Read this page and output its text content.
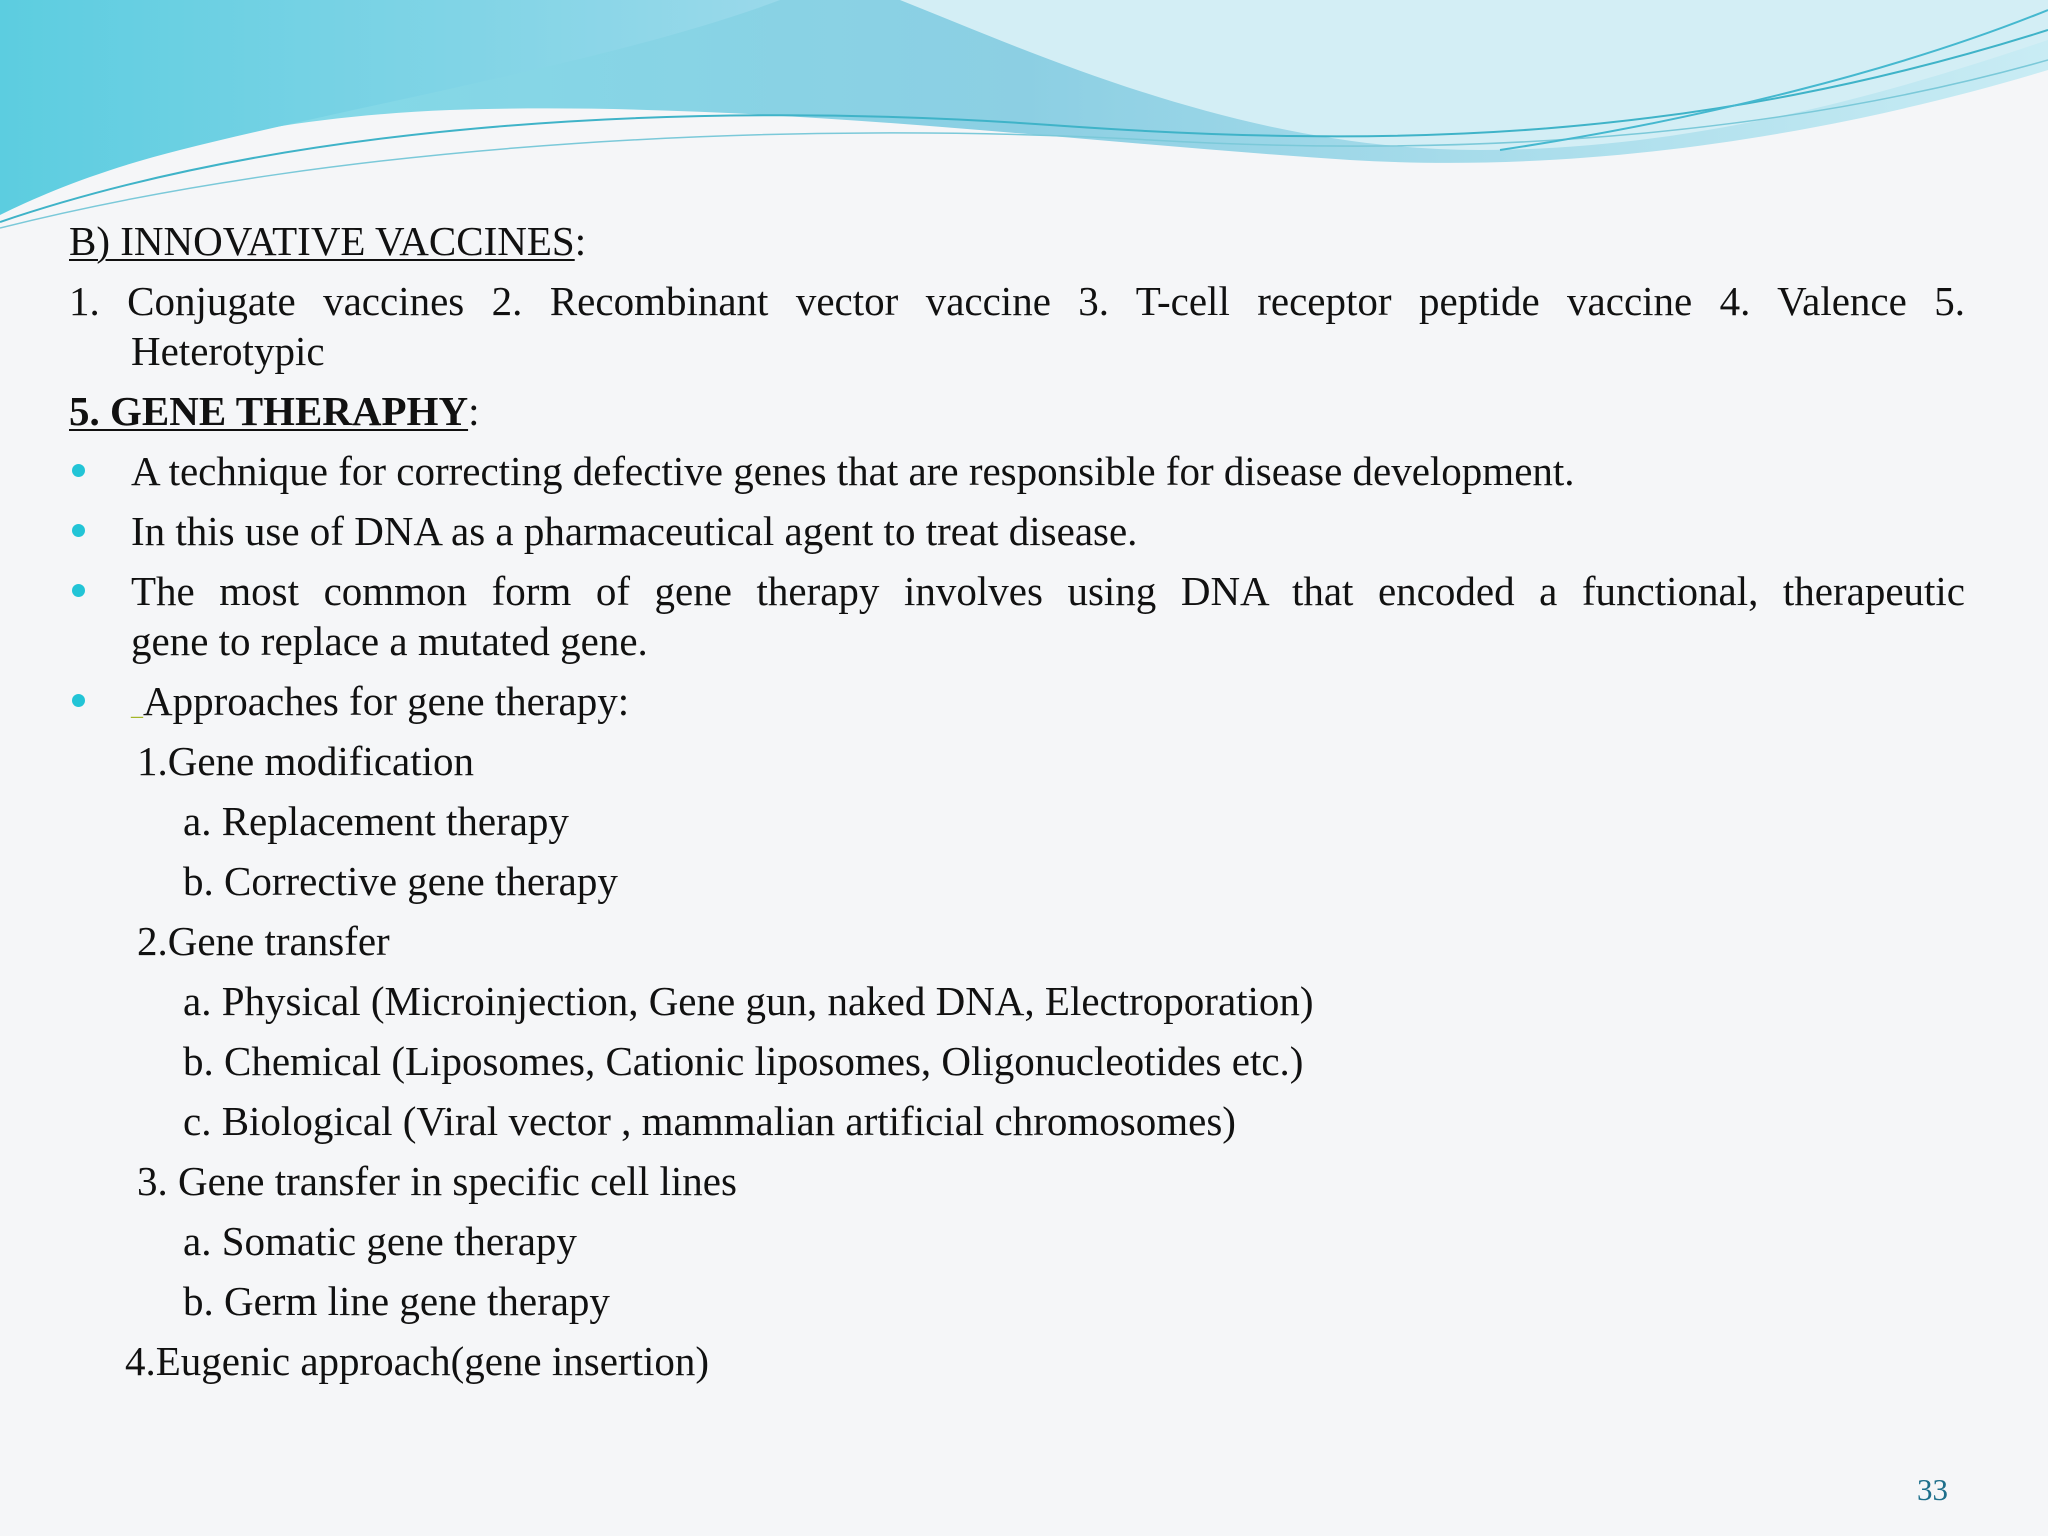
B) INNOVATIVE VACCINES:
1. Conjugate vaccines 2. Recombinant vector vaccine 3. T-cell receptor peptide vaccine 4. Valence 5.
Heterotypic
5. GENE THERAPHY:
A technique for correcting defective genes that are responsible for disease development.
In this use of DNA as a pharmaceutical agent to treat disease.
The most common form of gene therapy involves using DNA that encoded a functional, therapeutic
gene to replace a mutated gene.
_Approaches for gene therapy:
1.Gene modification
a. Replacement therapy
b. Corrective gene therapy
2.Gene transfer
a. Physical (Microinjection, Gene gun, naked DNA, Electroporation)
b. Chemical (Liposomes, Cationic liposomes, Oligonucleotides etc.)
c. Biological (Viral vector , mammalian artificial chromosomes)
3. Gene transfer in specific cell lines
a. Somatic gene therapy
b. Germ line gene therapy
4.Eugenic approach(gene insertion)
33
